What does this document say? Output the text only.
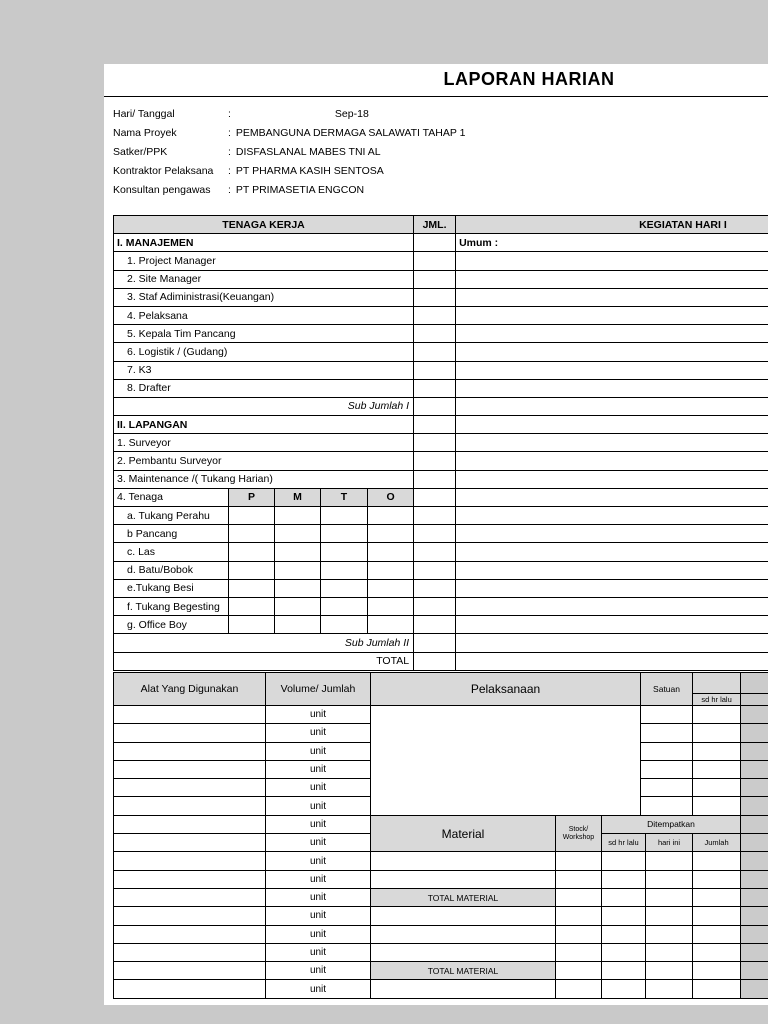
LAPORAN HARIAN
Hari/ Tanggal	:	Sep-18
Nama Proyek	: PEMBANGUNA DERMAGA SALAWATI TAHAP 1
Satker/PPK	: DISFASLANAL MABES TNI AL
Kontraktor Pelaksana	: PT PHARMA KASIH SENTOSA
Konsultan pengawas	: PT PRIMASETIA ENGCON
TENAGA KERJA					JML.	KEGIATAN HARI I
I. MANAJEMEN						Umum :
1. Project Manager						
2. Site Manager						
3. Staf Adiministrasi(Keuangan)						
4. Pelaksana						
5. Kepala Tim Pancang						
6. Logistik / (Gudang)						
7. K3						
8. Drafter						
Sub Jumlah I						
II. LAPANGAN						
1. Surveyor						
2. Pembantu Surveyor						
3. Maintenance /( Tukang Harian)						
4. Tenaga	P	M	T	O		
a. Tukang Perahu						
b Pancang						
c. Las						
d. Batu/Bobok						
e.Tukang Besi						
f. Tukang Begesting						
g. Office Boy						
Sub Jumlah II						
TOTAL						
Alat Yang Digunakan	Volume/ Jumlah	Pelaksanaan			Satuan			
							sd hr lalu	
	unit							
	unit							
	unit							
	unit							
	unit							
	unit							
	unit	Material	Stock/ Workshop	Ditempatkan				
	unit			sd hr lalu		hari ini	Jumlah	
	unit							
	unit							
	unit	TOTAL MATERIAL						
	unit							
	unit							
	unit							
	unit	TOTAL MATERIAL						
	unit							
